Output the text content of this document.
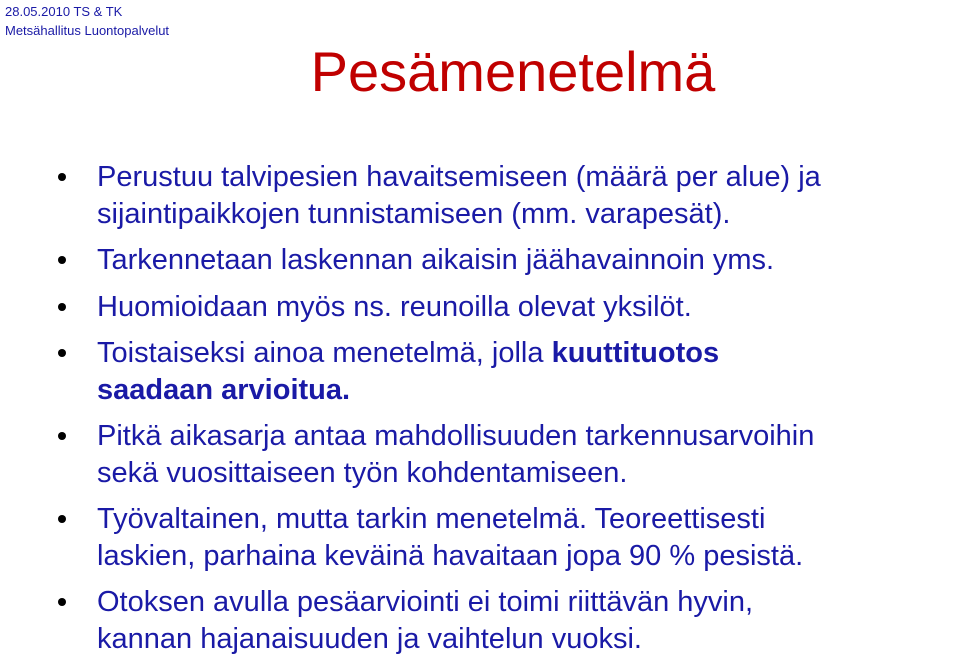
28.05.2010 TS & TK
Metsähallitus Luontopalvelut
Pesämenetelmä
Perustuu talvipesien havaitsemiseen (määrä per alue) ja
sijaintipaikkojen tunnistamiseen (mm. varapesät).
Tarkennetaan laskennan aikaisin jäähavainnoin yms.
Huomioidaan myös ns. reunoilla olevat yksilöt.
Toistaiseksi ainoa menetelmä, jolla kuuttituotos
saadaan arvioitua.
Pitkä aikasarja antaa mahdollisuuden tarkennusarvoihin
sekä vuosittaiseen työn kohdentamiseen.
Työvaltainen, mutta tarkin menetelmä. Teoreettisesti
laskien, parhaina keväinä havaitaan jopa 90 % pesistä.
Otoksen avulla pesäarviointi ei toimi riittävän hyvin,
kannan hajanaisuuden ja vaihtelun vuoksi.
